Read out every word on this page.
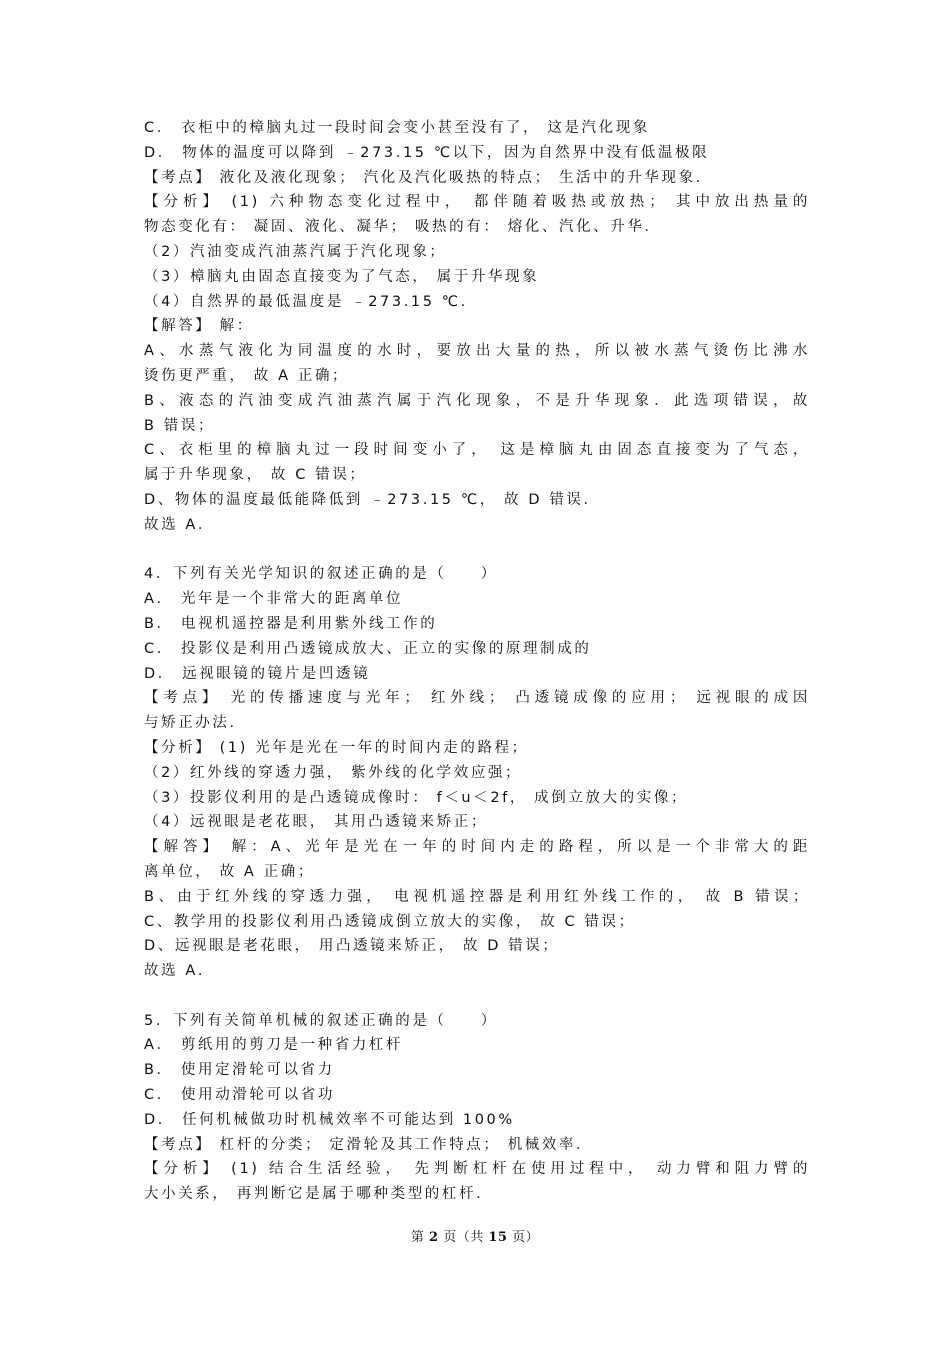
C． 衣柜中的樟脑丸过一段时间会变小甚至没有了， 这是汽化现象
D． 物体的温度可以降到 ﹣273.15 ℃以下，因为自然界中没有低温极限
【考点】 液化及液化现象； 汽化及汽化吸热的特点； 生活中的升华现象．
【分析】 (1) 六种物态变化过程中， 都伴随着吸热或放热； 其中放出热量的
物态变化有： 凝固、液化、凝华； 吸热的有： 熔化、汽化、升华．
（2）汽油变成汽油蒸汽属于汽化现象；
（3）樟脑丸由固态直接变为了气态， 属于升华现象
（4）自然界的最低温度是 ﹣273.15 ℃.
【解答】 解：
A、水蒸气液化为同温度的水时，要放出大量的热，所以被水蒸气烫伤比沸水
烫伤更严重， 故 A 正确；
B、液态的汽油变成汽油蒸汽属于汽化现象，不是升华现象．此选项错误，故
B 错误；
C、衣柜里的樟脑丸过一段时间变小了， 这是樟脑丸由固态直接变为了气态，
属于升华现象， 故 C 错误；
D、物体的温度最低能降低到 ﹣273.15 ℃， 故 D 错误．
故选 A．
4．下列有关光学知识的叙述正确的是（　　）
A． 光年是一个非常大的距离单位
B． 电视机遥控器是利用紫外线工作的
C． 投影仪是利用凸透镜成放大、正立的实像的原理制成的
D． 远视眼镜的镜片是凹透镜
【考点】 光的传播速度与光年； 红外线； 凸透镜成像的应用； 远视眼的成因
与矫正办法．
【分析】 (1) 光年是光在一年的时间内走的路程；
（2）红外线的穿透力强， 紫外线的化学效应强；
（3）投影仪利用的是凸透镜成像时： f＜u＜2f， 成倒立放大的实像；
（4）远视眼是老花眼， 其用凸透镜来矫正；
【解答】 解：A、光年是光在一年的时间内走的路程，所以是一个非常大的距
离单位， 故 A 正确；
B、由于红外线的穿透力强， 电视机遥控器是利用红外线工作的， 故 B 错误；
C、教学用的投影仪利用凸透镜成倒立放大的实像， 故 C 错误；
D、远视眼是老花眼， 用凸透镜来矫正， 故 D 错误；
故选 A．
5．下列有关简单机械的叙述正确的是（　　）
A． 剪纸用的剪刀是一种省力杠杆
B． 使用定滑轮可以省力
C． 使用动滑轮可以省功
D． 任何机械做功时机械效率不可能达到 100%
【考点】 杠杆的分类； 定滑轮及其工作特点； 机械效率．
【分析】 (1) 结合生活经验， 先判断杠杆在使用过程中， 动力臂和阻力臂的
大小关系， 再判断它是属于哪种类型的杠杆．
第 2 页（共 15 页）
